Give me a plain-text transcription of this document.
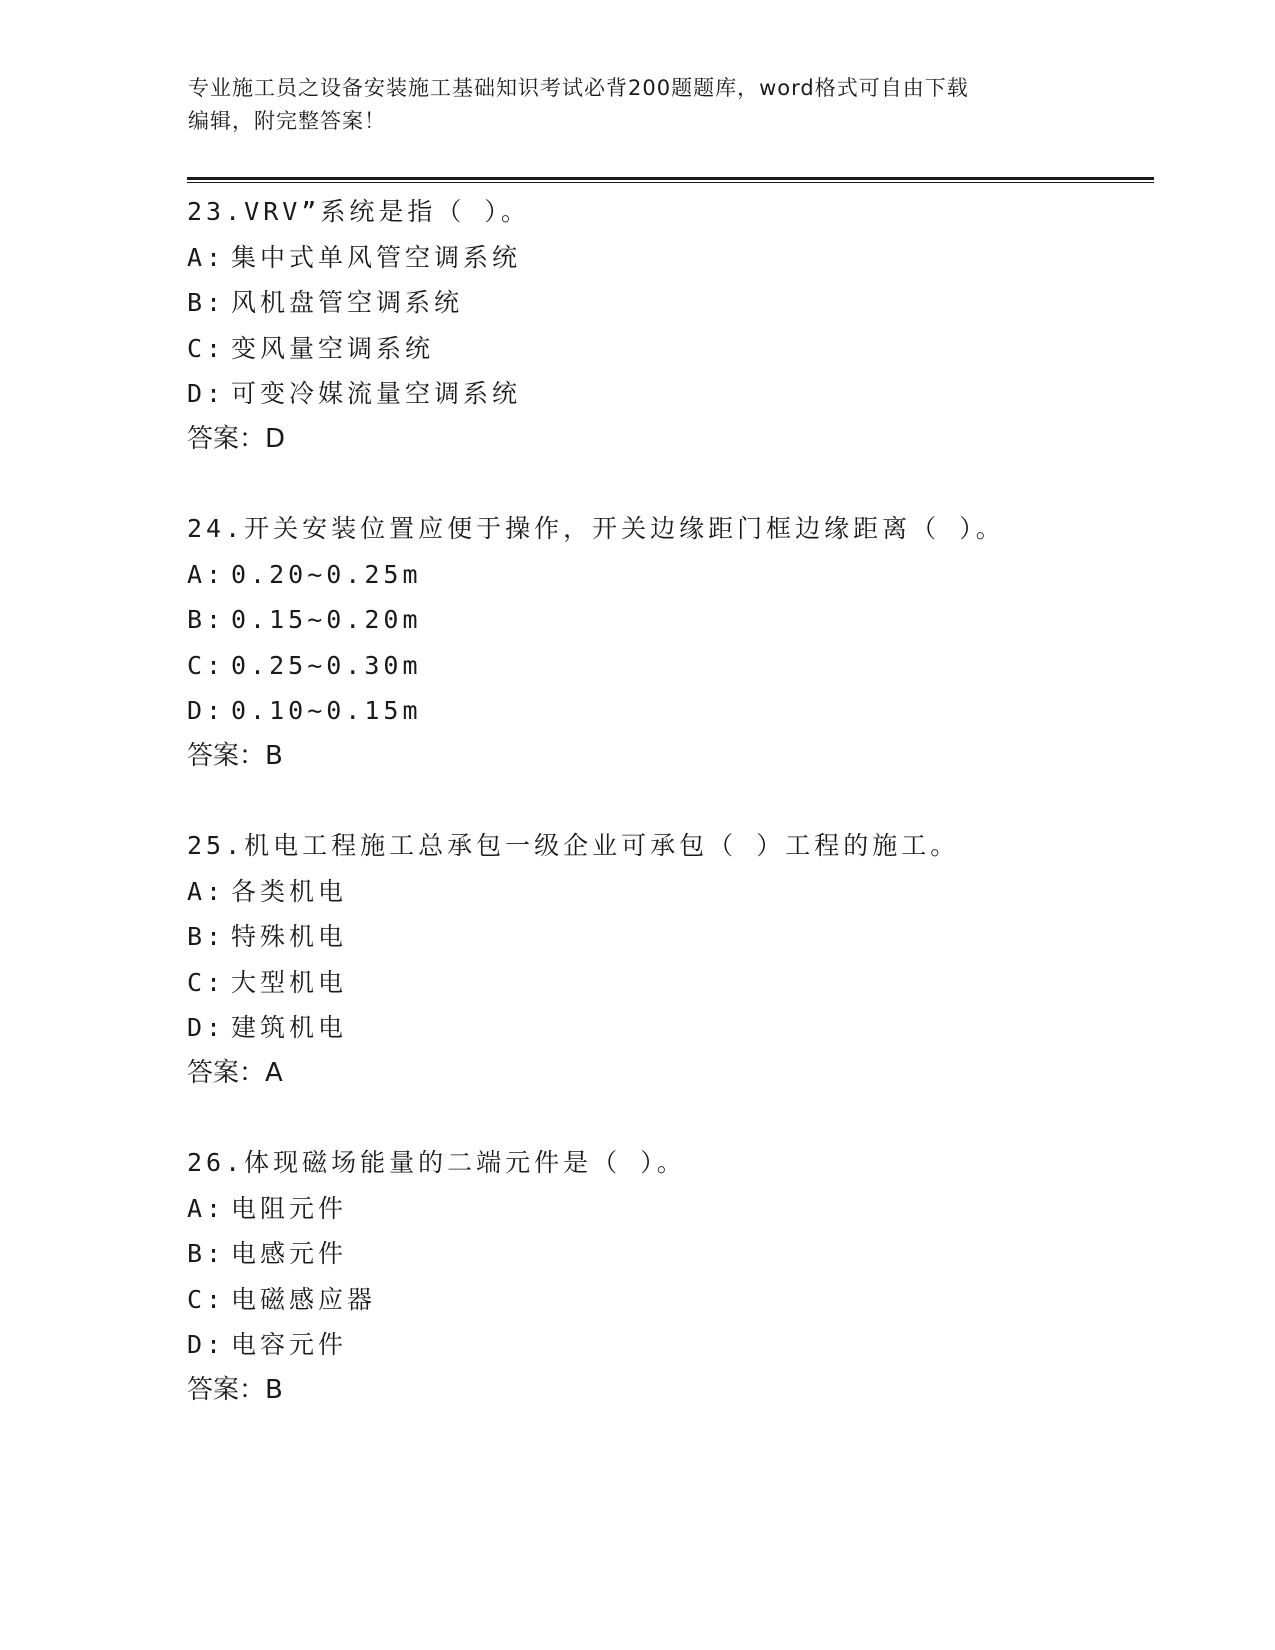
专业施工员之设备安装施工基础知识考试必背200题题库，word格式可自由下载
编辑，附完整答案！
23.VRV”系统是指（ ）。
A: 集中式单风管空调系统
B: 风机盘管空调系统
C: 变风量空调系统
D: 可变冷媒流量空调系统
答案：D
24.开关安装位置应便于操作，开关边缘距门框边缘距离（ ）。
A: 0.20~0.25m
B: 0.15~0.20m
C: 0.25~0.30m
D: 0.10~0.15m
答案：B
25.机电工程施工总承包一级企业可承包（ ）工程的施工。
A: 各类机电
B: 特殊机电
C: 大型机电
D: 建筑机电
答案：A
26.体现磁场能量的二端元件是（ ）。
A: 电阻元件
B: 电感元件
C: 电磁感应器
D: 电容元件
答案：B
